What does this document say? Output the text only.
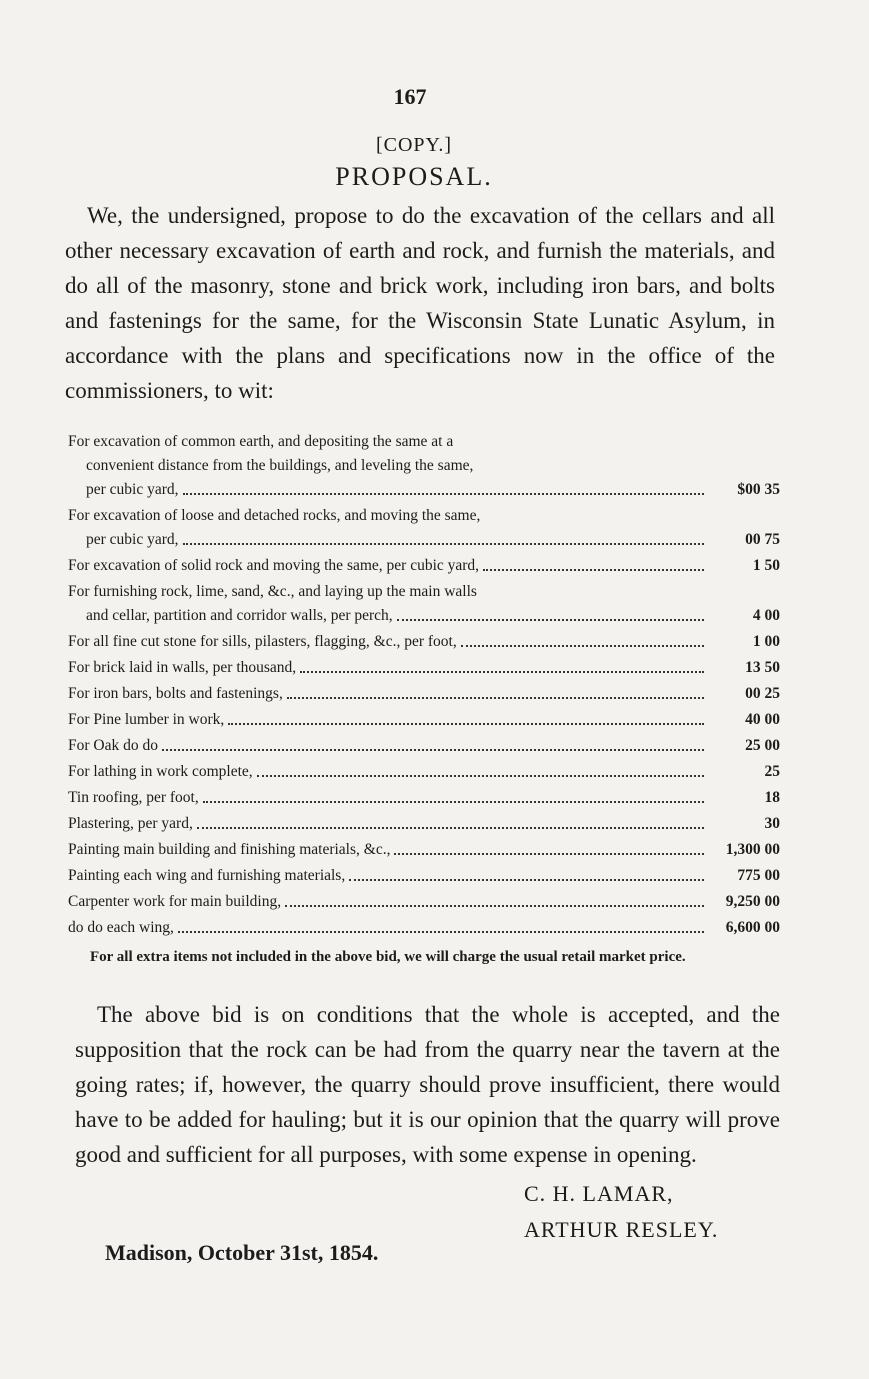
167
[COPY.]
PROPOSAL.
We, the undersigned, propose to do the excavation of the cellars and all other necessary excavation of earth and rock, and furnish the materials, and do all of the masonry, stone and brick work, including iron bars, and bolts and fastenings for the same, for the Wisconsin State Lunatic Asylum, in accordance with the plans and specifications now in the office of the commissioners, to wit:
For excavation of common earth, and depositing the same at a
convenient distance from the buildings, and leveling the same,
per cubic yard,	$00 35
For excavation of loose and detached rocks, and moving the same,
per cubic yard,	00 75
For excavation of solid rock and moving the same, per cubic yard,	1 50
For furnishing rock, lime, sand, &c., and laying up the main walls
and cellar, partition and corridor walls, per perch,	4 00
For all fine cut stone for sills, pilasters, flagging, &c., per foot,	1 00
For brick laid in walls, per thousand,	13 50
For iron bars, bolts and fastenings,	00 25
For Pine lumber in work,	40 00
For Oak do do	25 00
For lathing in work complete,	25
Tin roofing, per foot,	18
Plastering, per yard,	30
Painting main building and finishing materials, &c.,	1,300 00
Painting each wing and furnishing materials,	775 00
Carpenter work for main building,	9,250 00
do do each wing,	6,600 00
For all extra items not included in the above bid, we will charge the usual retail market price.
The above bid is on conditions that the whole is accepted, and the supposition that the rock can be had from the quarry near the tavern at the going rates; if, however, the quarry should prove insufficient, there would have to be added for hauling; but it is our opinion that the quarry will prove good and sufficient for all purposes, with some expense in opening.
C. H. LAMAR,
ARTHUR RESLEY.
Madison, October 31st, 1854.
